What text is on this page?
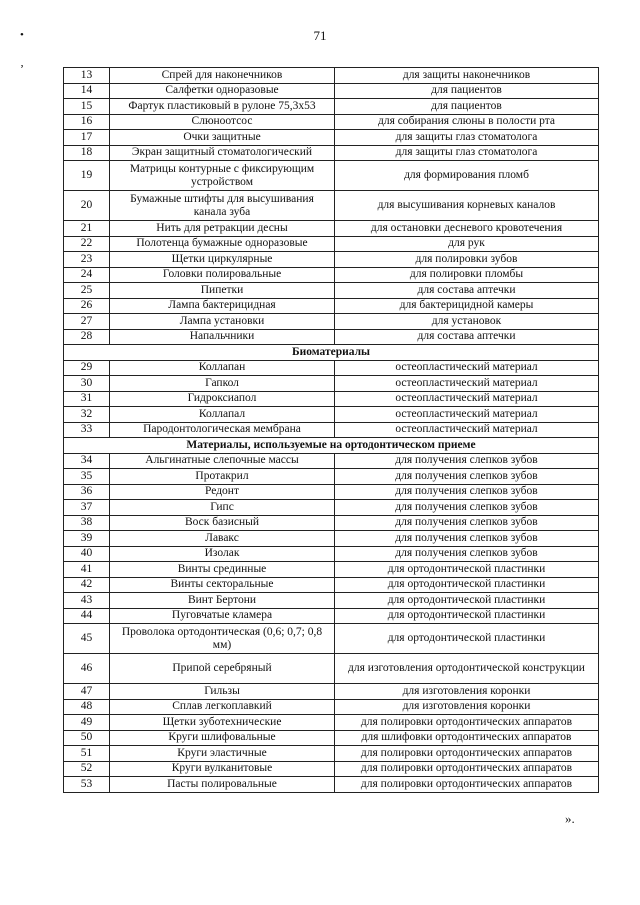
71
•
ʼ	13	Спрей для наконечников	для защиты наконечников
14	Салфетки одноразовые	для пациентов
15	Фартук пластиковый в рулоне 75,3х53	для пациентов
16	Слюноотсос	для собирания слюны в полости рта
17	Очки защитные	для защиты глаз стоматолога
18	Экран защитный стоматологический	для защиты глаз стоматолога
19	Матрицы контурные с фиксирующим устройством	для формирования пломб
20	Бумажные штифты для высушивания канала зуба	для высушивания корневых каналов
21	Нить для ретракции десны	для остановки десневого кровотечения
22	Полотенца бумажные одноразовые	для рук
23	Щетки циркулярные	для полировки зубов
24	Головки полировальные	для полировки пломбы
25	Пипетки	для состава аптечки
26	Лампа бактерицидная	для бактерицидной камеры
27	Лампа установки	для установок
28	Напальчники	для состава аптечки
Биоматериалы		
29	Коллапан	остеопластический материал
30	Гапкол	остеопластический материал
31	Гидроксиапол	остеопластический материал
32	Коллапал	остеопластический материал
33	Пародонтологическая мембрана	остеопластический материал
Материалы, используемые на ортодонтическом приеме		
34	Альгинатные слепочные массы	для получения слепков зубов
35	Протакрил	для получения слепков зубов
36	Редонт	для получения слепков зубов
37	Гипс	для получения слепков зубов
38	Воск базисный	для получения слепков зубов
39	Лавакс	для получения слепков зубов
40	Изолак	для получения слепков зубов
41	Винты срединные	для ортодонтической пластинки
42	Винты секторальные	для ортодонтической пластинки
43	Винт Бертони	для ортодонтической пластинки
44	Пуговчатые кламера	для ортодонтической пластинки
45	Проволока ортодонтическая (0,6; 0,7; 0,8 мм)	для ортодонтической пластинки
46	Припой серебряный	для изготовления ортодонтической конструкции
47	Гильзы	для изготовления коронки
48	Сплав легкоплавкий	для изготовления коронки
49	Щетки зуботехнические	для полировки ортодонтических аппаратов
50	Круги шлифовальные	для шлифовки ортодонтических аппаратов
51	Круги эластичные	для полировки ортодонтических аппаратов
52	Круги вулканитовые	для полировки ортодонтических аппаратов
53	Пасты полировальные	для полировки ортодонтических аппаратов
».
